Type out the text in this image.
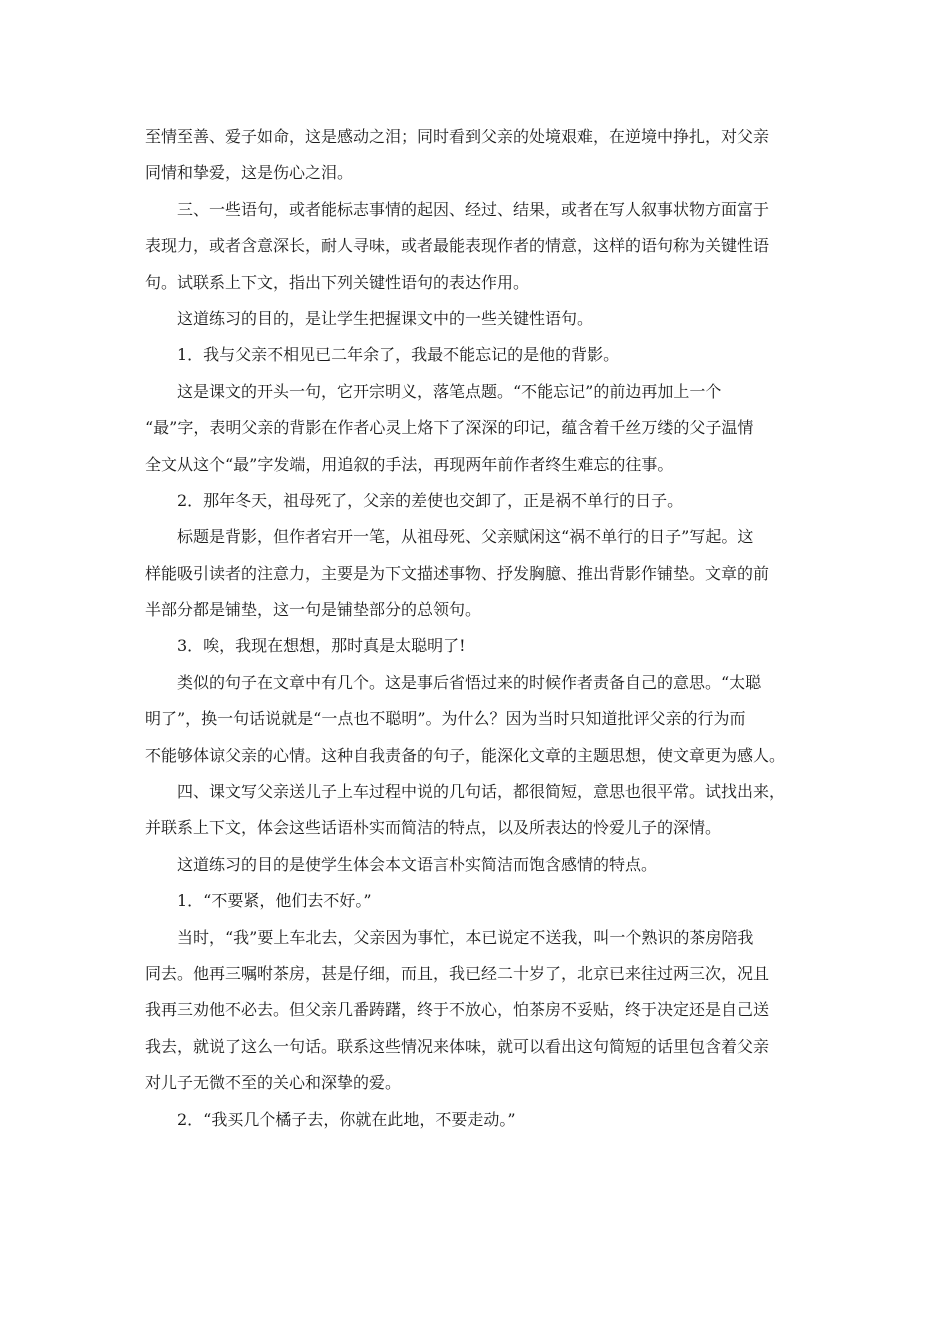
至情至善、爱子如命，这是感动之泪；同时看到父亲的处境艰难，在逆境中挣扎，对父亲
同情和挚爱，这是伤心之泪。
三、一些语句，或者能标志事情的起因、经过、结果，或者在写人叙事状物方面富于
表现力，或者含意深长，耐人寻味，或者最能表现作者的情意，这样的语句称为关键性语
句。试联系上下文，指出下列关键性语句的表达作用。
这道练习的目的，是让学生把握课文中的一些关键性语句。
1．我与父亲不相见已二年余了，我最不能忘记的是他的背影。
这是课文的开头一句，它开宗明义，落笔点题。“不能忘记”的前边再加上一个
“最”字，表明父亲的背影在作者心灵上烙下了深深的印记，蕴含着千丝万缕的父子温情
全文从这个“最”字发端，用追叙的手法，再现两年前作者终生难忘的往事。
2．那年冬天，祖母死了，父亲的差使也交卸了，正是祸不单行的日子。
标题是背影，但作者宕开一笔，从祖母死、父亲赋闲这“祸不单行的日子”写起。这
样能吸引读者的注意力，主要是为下文描述事物、抒发胸臆、推出背影作铺垫。文章的前
半部分都是铺垫，这一句是铺垫部分的总领句。
3．唉，我现在想想，那时真是太聪明了!
类似的句子在文章中有几个。这是事后省悟过来的时候作者责备自己的意思。“太聪
明了”，换一句话说就是“一点也不聪明”。为什么？因为当时只知道批评父亲的行为而
不能够体谅父亲的心情。这种自我责备的句子，能深化文章的主题思想，使文章更为感人。
四、课文写父亲送儿子上车过程中说的几句话，都很简短，意思也很平常。试找出来，
并联系上下文，体会这些话语朴实而简洁的特点，以及所表达的怜爱儿子的深情。
这道练习的目的是使学生体会本文语言朴实简洁而饱含感情的特点。
1．“不要紧，他们去不好。”
当时，“我”要上车北去，父亲因为事忙，本已说定不送我，叫一个熟识的茶房陪我
同去。他再三嘱咐茶房，甚是仔细，而且，我已经二十岁了，北京已来往过两三次，况且
我再三劝他不必去。但父亲几番踌躇，终于不放心，怕茶房不妥贴，终于决定还是自己送
我去，就说了这么一句话。联系这些情况来体味，就可以看出这句简短的话里包含着父亲
对儿子无微不至的关心和深挚的爱。
2．“我买几个橘子去，你就在此地，不要走动。”
